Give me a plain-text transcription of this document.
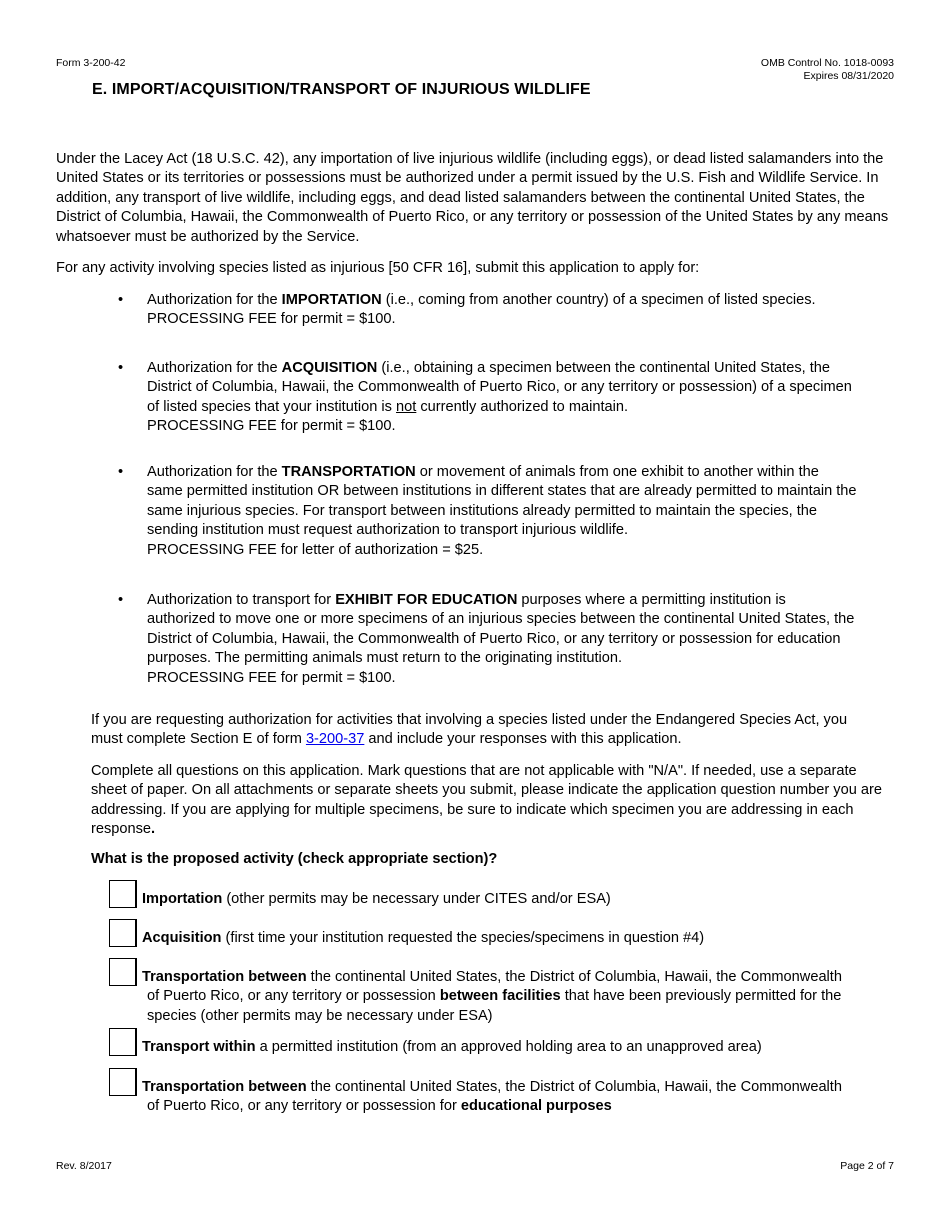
Form 3-200-42	OMB Control No. 1018-0093
Expires 08/31/2020
E. IMPORT/ACQUISITION/TRANSPORT OF INJURIOUS WILDLIFE
Under the Lacey Act (18 U.S.C. 42), any importation of live injurious wildlife (including eggs), or dead listed salamanders into the United States or its territories or possessions must be authorized under a permit issued by the U.S. Fish and Wildlife Service. In addition, any transport of live wildlife, including eggs, and dead listed salamanders between the continental United States, the District of Columbia, Hawaii, the Commonwealth of Puerto Rico, or any territory or possession of the United States by any means whatsoever must be authorized by the Service.
For any activity involving species listed as injurious [50 CFR 16], submit this application to apply for:
• Authorization for the IMPORTATION (i.e., coming from another country) of a specimen of listed species. PROCESSING FEE for permit = $100.
• Authorization for the ACQUISITION (i.e., obtaining a specimen between the continental United States, the District of Columbia, Hawaii, the Commonwealth of Puerto Rico, or any territory or possession) of a specimen of listed species that your institution is not currently authorized to maintain.
PROCESSING FEE for permit = $100.
• Authorization for the TRANSPORTATION or movement of animals from one exhibit to another within the same permitted institution OR between institutions in different states that are already permitted to maintain the same injurious species. For transport between institutions already permitted to maintain the species, the sending institution must request authorization to transport injurious wildlife.
PROCESSING FEE for letter of authorization = $25.
• Authorization to transport for EXHIBIT FOR EDUCATION purposes where a permitting institution is authorized to move one or more specimens of an injurious species between the continental United States, the District of Columbia, Hawaii, the Commonwealth of Puerto Rico, or any territory or possession for education purposes. The permitting animals must return to the originating institution.
PROCESSING FEE for permit = $100.
If you are requesting authorization for activities that involving a species listed under the Endangered Species Act, you must complete Section E of form 3-200-37 and include your responses with this application.
Complete all questions on this application. Mark questions that are not applicable with "N/A". If needed, use a separate sheet of paper. On all attachments or separate sheets you submit, please indicate the application question number you are addressing. If you are applying for multiple specimens, be sure to indicate which specimen you are addressing in each response.
What is the proposed activity (check appropriate section)?
Importation (other permits may be necessary under CITES and/or ESA)
Acquisition (first time your institution requested the species/specimens in question #4)
Transportation between the continental United States, the District of Columbia, Hawaii, the Commonwealth
of Puerto Rico, or any territory or possession between facilities that have been previously permitted for the
species (other permits may be necessary under ESA)
Transport within a permitted institution (from an approved holding area to an unapproved area)
Transportation between the continental United States, the District of Columbia, Hawaii, the Commonwealth
of Puerto Rico, or any territory or possession for educational purposes
Rev. 8/2017	Page 2 of 7
